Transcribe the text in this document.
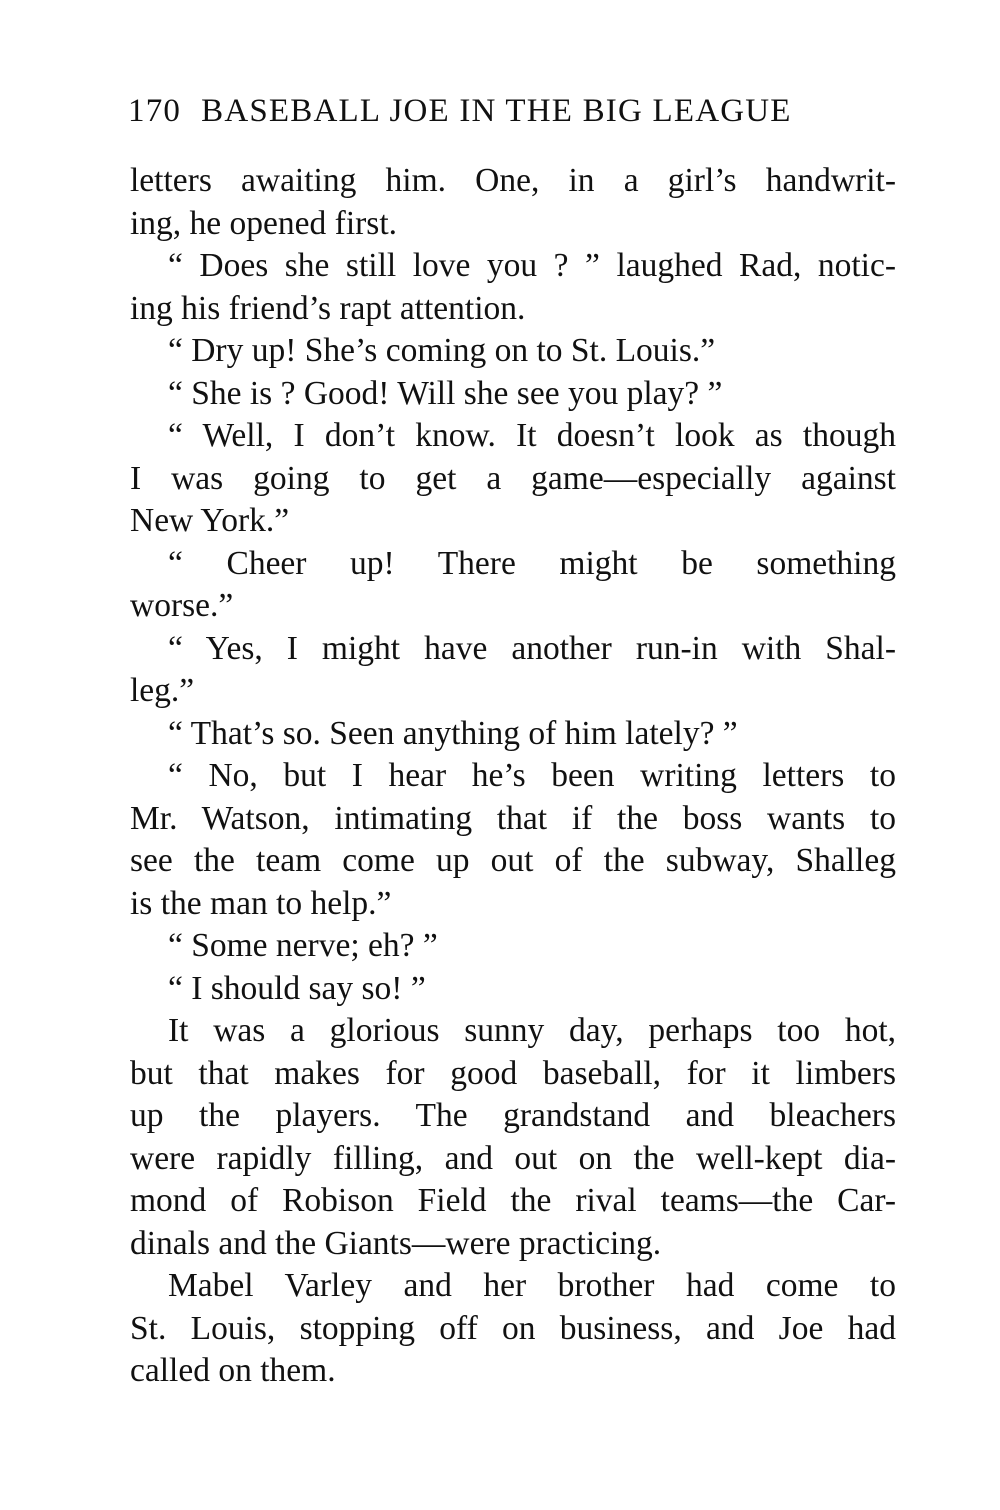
170 BASEBALL JOE IN THE BIG LEAGUE
letters awaiting him. One, in a girl’s handwrit-
ing, he opened first.
“ Does she still love you ? ” laughed Rad, notic-
ing his friend’s rapt attention.
“ Dry up! She’s coming on to St. Louis.”
“ She is ? Good! Will she see you play? ”
“ Well, I don’t know. It doesn’t look as though
I was going to get a game—especially against
New York.”
“ Cheer up! There might be something
worse.”
“ Yes, I might have another run-in with Shal-
leg.”
“ That’s so. Seen anything of him lately? ”
“ No, but I hear he’s been writing letters to
Mr. Watson, intimating that if the boss wants to
see the team come up out of the subway, Shalleg
is the man to help.”
“ Some nerve; eh? ”
“ I should say so! ”
It was a glorious sunny day, perhaps too hot,
but that makes for good baseball, for it limbers
up the players. The grandstand and bleachers
were rapidly filling, and out on the well-kept dia-
mond of Robison Field the rival teams—the Car-
dinals and the Giants—were practicing.
Mabel Varley and her brother had come to
St. Louis, stopping off on business, and Joe had
called on them.
